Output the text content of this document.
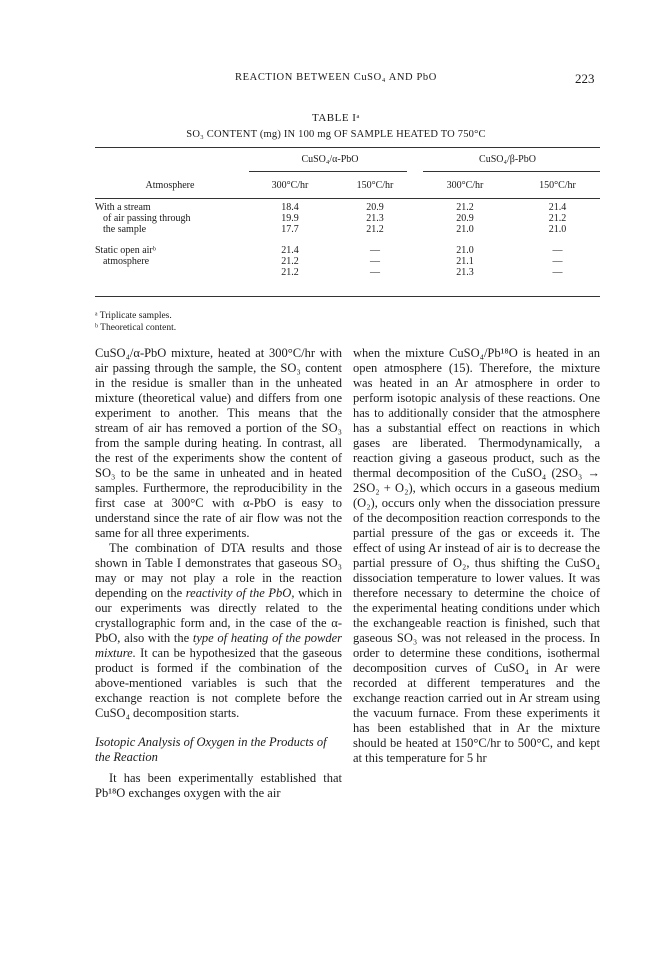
REACTION BETWEEN CuSO₄ AND PbO	223
TABLE Iᵃ
SO₃ CONTENT (mg) IN 100 mg OF SAMPLE HEATED TO 750°C
	CuSO₄/α-PbO		CuSO₄/β-PbO	

Atmosphere	300°C/hr	150°C/hr	300°C/hr	150°C/hr

With a stream	18.4	20.9	21.2	21.4
of air passing through	19.9	21.3	20.9	21.2
the sample	17.7	21.2	21.0	21.0

Static open airᵇ	21.4	—	21.0	—
atmosphere	21.2	—	21.1	—
	21.2	—	21.3	—
ᵃ Triplicate samples.
ᵇ Theoretical content.

CuSO₄/α-PbO mixture, heated at 300°C/hr with air passing through the sample, the SO₃ content in the residue is smaller than in the unheated mixture (theoretical value) and differs from one experiment to another. This means that the stream of air has removed a portion of the SO₃ from the sample during heating. In contrast, all the rest of the experiments show the content of SO₃ to be the same in unheated and in heated samples. Furthermore, the reproducibility in the first case at 300°C with α-PbO is easy to understand since the rate of air flow was not the same for all three experiments.

The combination of DTA results and those shown in Table I demonstrates that gaseous SO₃ may or may not play a role in the reaction depending on the reactivity of the PbO, which in our experiments was directly related to the crystallographic form and, in the case of the α-PbO, also with the type of heating of the powder mixture. It can be hypothesized that the gaseous product is formed if the combination of the above-mentioned variables is such that the exchange reaction is not complete before the CuSO₄ decomposition starts.

Isotopic Analysis of Oxygen in the Products of the Reaction

It has been experimentally established that Pb¹⁸O exchanges oxygen with the air

when the mixture CuSO₄/Pb¹⁸O is heated in an open atmosphere (15). Therefore, the mixture was heated in an Ar atmosphere in order to perform isotopic analysis of these reactions. One has to additionally consider that the atmosphere has a substantial effect on reactions in which gases are liberated. Thermodynamically, a reaction giving a gaseous product, such as the thermal decomposition of the CuSO₄ (2SO₃ → 2SO₂ + O₂), which occurs in a gaseous medium (O₂), occurs only when the dissociation pressure of the decomposition reaction corresponds to the partial pressure of the gas or exceeds it. The effect of using Ar instead of air is to decrease the partial pressure of O₂, thus shifting the CuSO₄ dissociation temperature to lower values. It was therefore necessary to determine the choice of the experimental heating conditions under which the exchangeable reaction is finished, such that gaseous SO₃ was not released in the process. In order to determine these conditions, isothermal decomposition curves of CuSO₄ in Ar were recorded at different temperatures and the exchange reaction carried out in Ar stream using the vacuum furnace. From these experiments it has been established that in Ar the mixture should be heated at 150°C/hr to 500°C, and kept at this temperature for 5 hr
